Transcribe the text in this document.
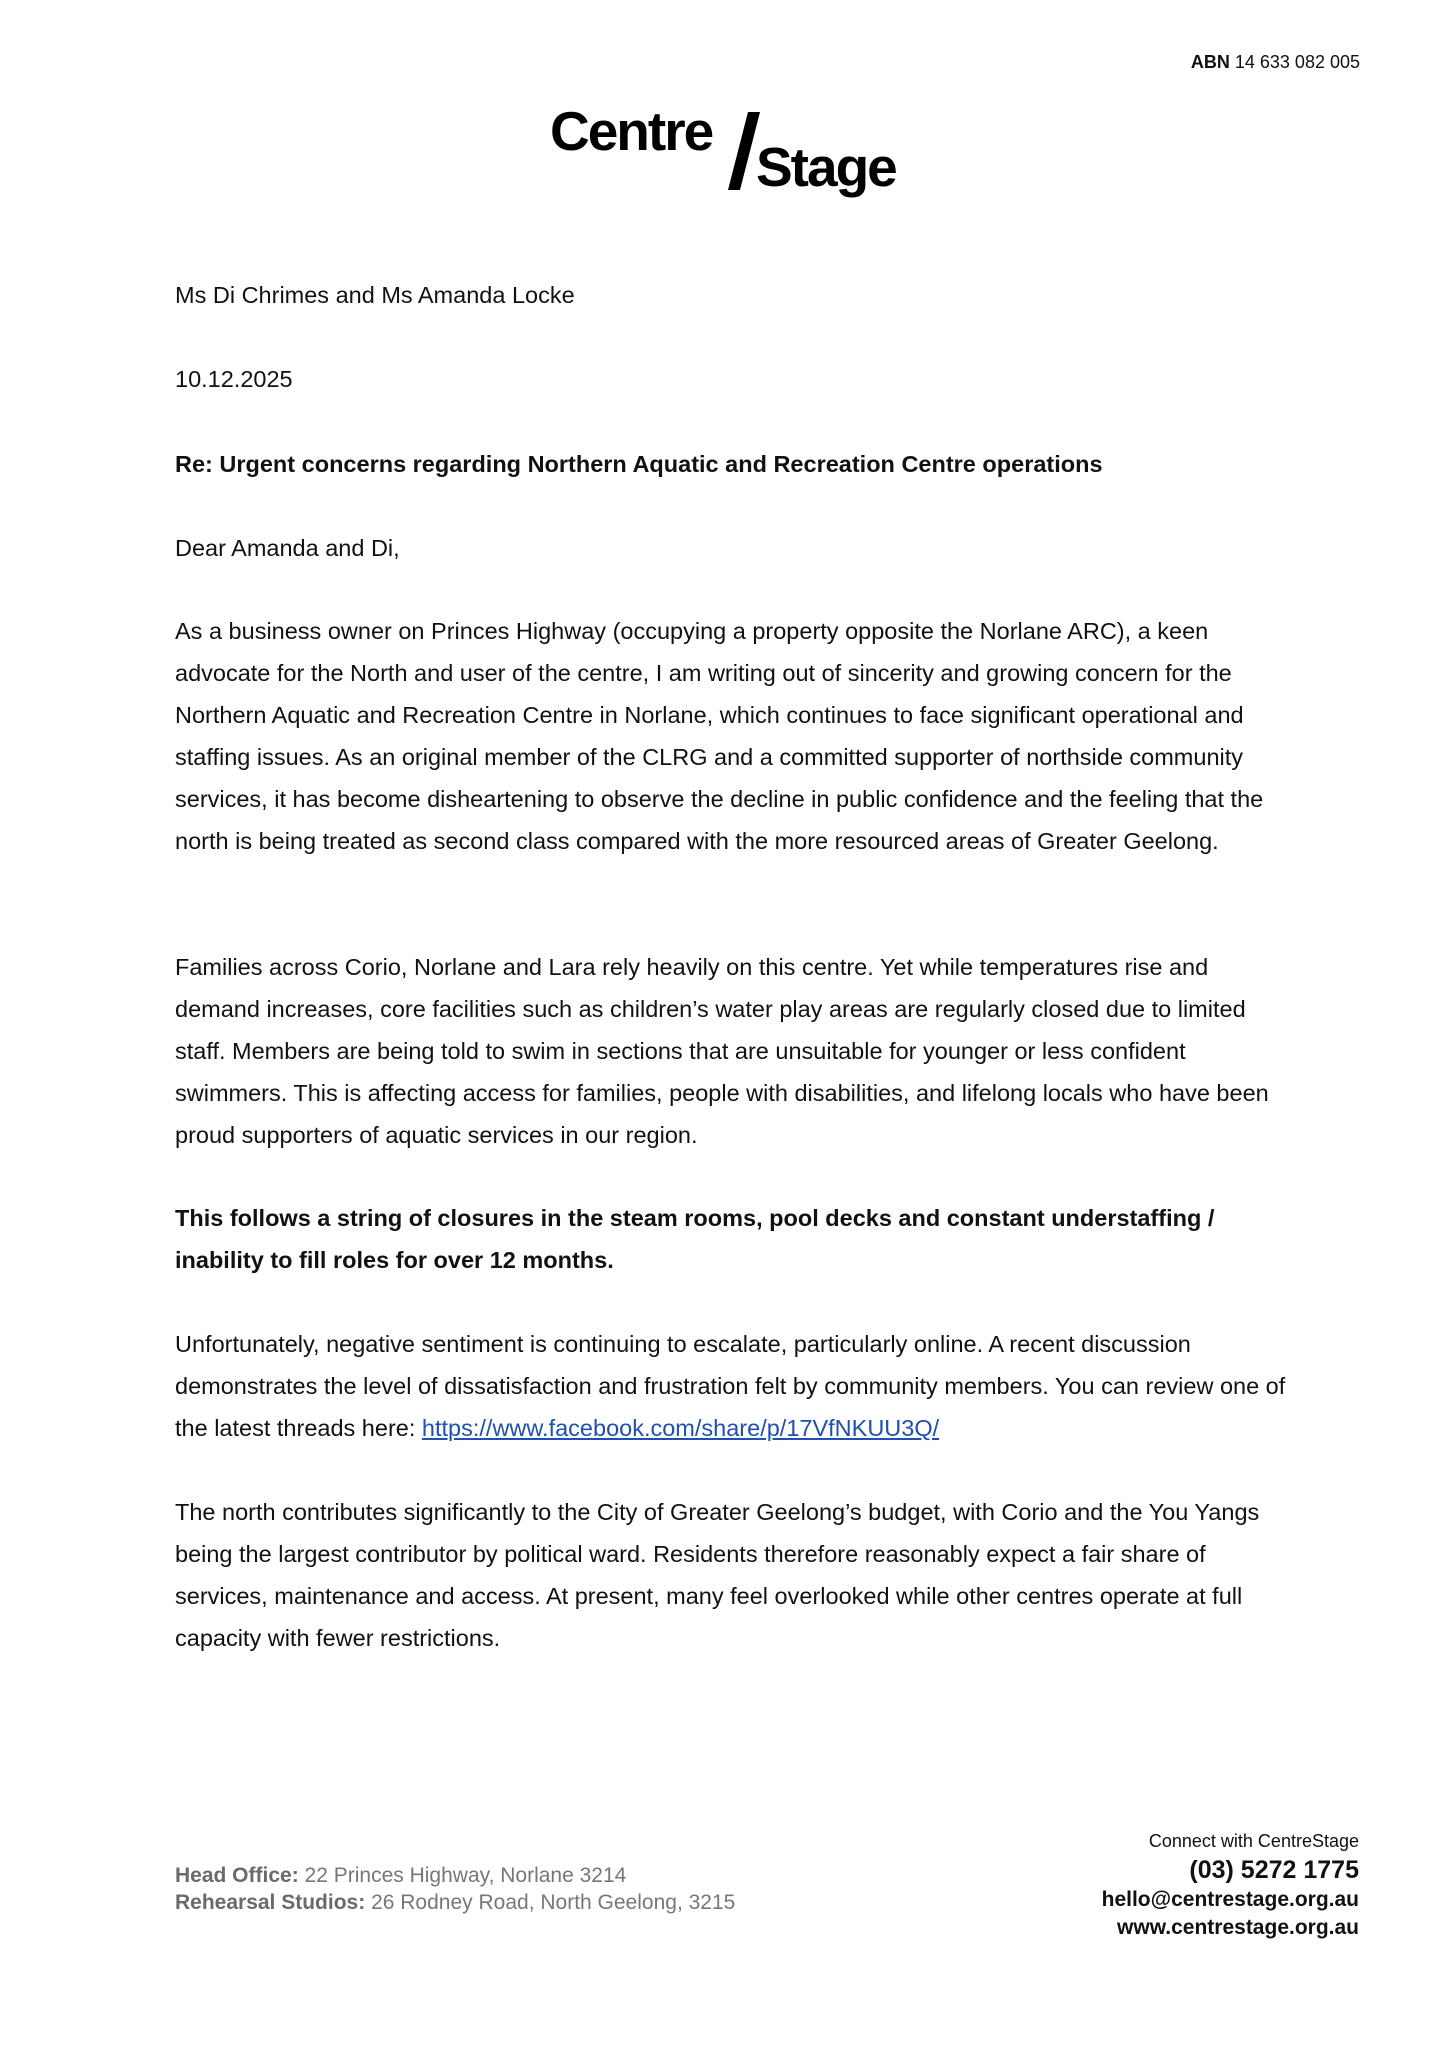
ABN 14 633 082 005
Centre
Stage
Ms Di Chrimes and Ms Amanda Locke
10.12.2025
Re: Urgent concerns regarding Northern Aquatic and Recreation Centre operations
Dear Amanda and Di,

As a business owner on Princes Highway (occupying a property opposite the Norlane ARC), a keen advocate for the North and user of the centre, I am writing out of sincerity and growing concern for the Northern Aquatic and Recreation Centre in Norlane, which continues to face significant operational and staffing issues. As an original member of the CLRG and a committed supporter of northside community services, it has become disheartening to observe the decline in public confidence and the feeling that the north is being treated as second class compared with the more resourced areas of Greater Geelong.

Families across Corio, Norlane and Lara rely heavily on this centre. Yet while temperatures rise and demand increases, core facilities such as children’s water play areas are regularly closed due to limited staff. Members are being told to swim in sections that are unsuitable for younger or less confident swimmers. This is affecting access for families, people with disabilities, and lifelong locals who have been proud supporters of aquatic services in our region.

This follows a string of closures in the steam rooms, pool decks and constant understaffing / inability to fill roles for over 12 months.

Unfortunately, negative sentiment is continuing to escalate, particularly online. A recent discussion demonstrates the level of dissatisfaction and frustration felt by community members. You can review one of the latest threads here: https://www.facebook.com/share/p/17VfNKUU3Q/

The north contributes significantly to the City of Greater Geelong’s budget, with Corio and the You Yangs being the largest contributor by political ward. Residents therefore reasonably expect a fair share of services, maintenance and access. At present, many feel overlooked while other centres operate at full capacity with fewer restrictions.

Head Office: 22 Princes Highway, Norlane 3214
Rehearsal Studios: 26 Rodney Road, North Geelong, 3215
Connect with CentreStage
(03) 5272 1775
hello@centrestage.org.au
www.centrestage.org.au
